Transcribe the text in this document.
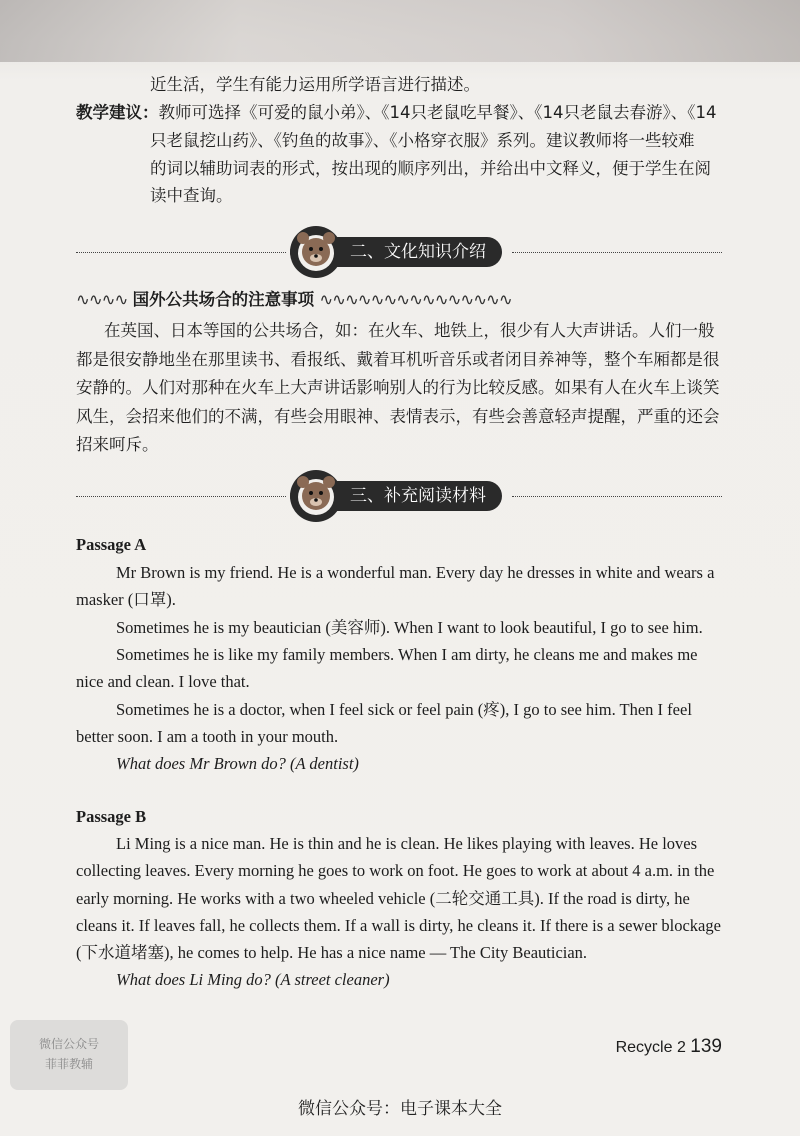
近生活，学生有能力运用所学语言进行描述。
教学建议：教师可选择《可爱的鼠小弟》、《14只老鼠吃早餐》、《14只老鼠去春游》、《14
只老鼠挖山药》、《钓鱼的故事》、《小格穿衣服》系列。建议教师将一些较难
的词以辅助词表的形式，按出现的顺序列出，并给出中文释义，便于学生在阅
读中查询。
二、文化知识介绍
∿∿∿∿ 国外公共场合的注意事项 ∿∿∿∿∿∿∿∿∿∿∿∿∿∿∿
在英国、日本等国的公共场合，如：在火车、地铁上，很少有人大声讲话。人们一般
都是很安静地坐在那里读书、看报纸、戴着耳机听音乐或者闭目养神等，整个车厢都是很
安静的。人们对那种在火车上大声讲话影响别人的行为比较反感。如果有人在火车上谈笑
风生，会招来他们的不满，有些会用眼神、表情表示，有些会善意轻声提醒，严重的还会
招来呵斥。
三、补充阅读材料
Passage A
Mr Brown is my friend. He is a wonderful man. Every day he dresses in white and wears a
masker (口罩).
Sometimes he is my beautician (美容师). When I want to look beautiful, I go to see him.
Sometimes he is like my family members. When I am dirty, he cleans me and makes me
nice and clean. I love that.
Sometimes he is a doctor, when I feel sick or feel pain (疼), I go to see him. Then I feel
better soon. I am a tooth in your mouth.
What does Mr Brown do? (A dentist)
Passage B
Li Ming is a nice man. He is thin and he is clean. He likes playing with leaves. He loves
collecting leaves. Every morning he goes to work on foot. He goes to work at about 4 a.m. in the
early morning. He works with a two wheeled vehicle (二轮交通工具). If the road is dirty, he
cleans it. If leaves fall, he collects them. If a wall is dirty, he cleans it. If there is a sewer blockage
(下水道堵塞), he comes to help. He has a nice name — The City Beautician.
What does Li Ming do? (A street cleaner)
微信公众号
菲菲教辅
Recycle 2 139
微信公众号：电子课本大全
